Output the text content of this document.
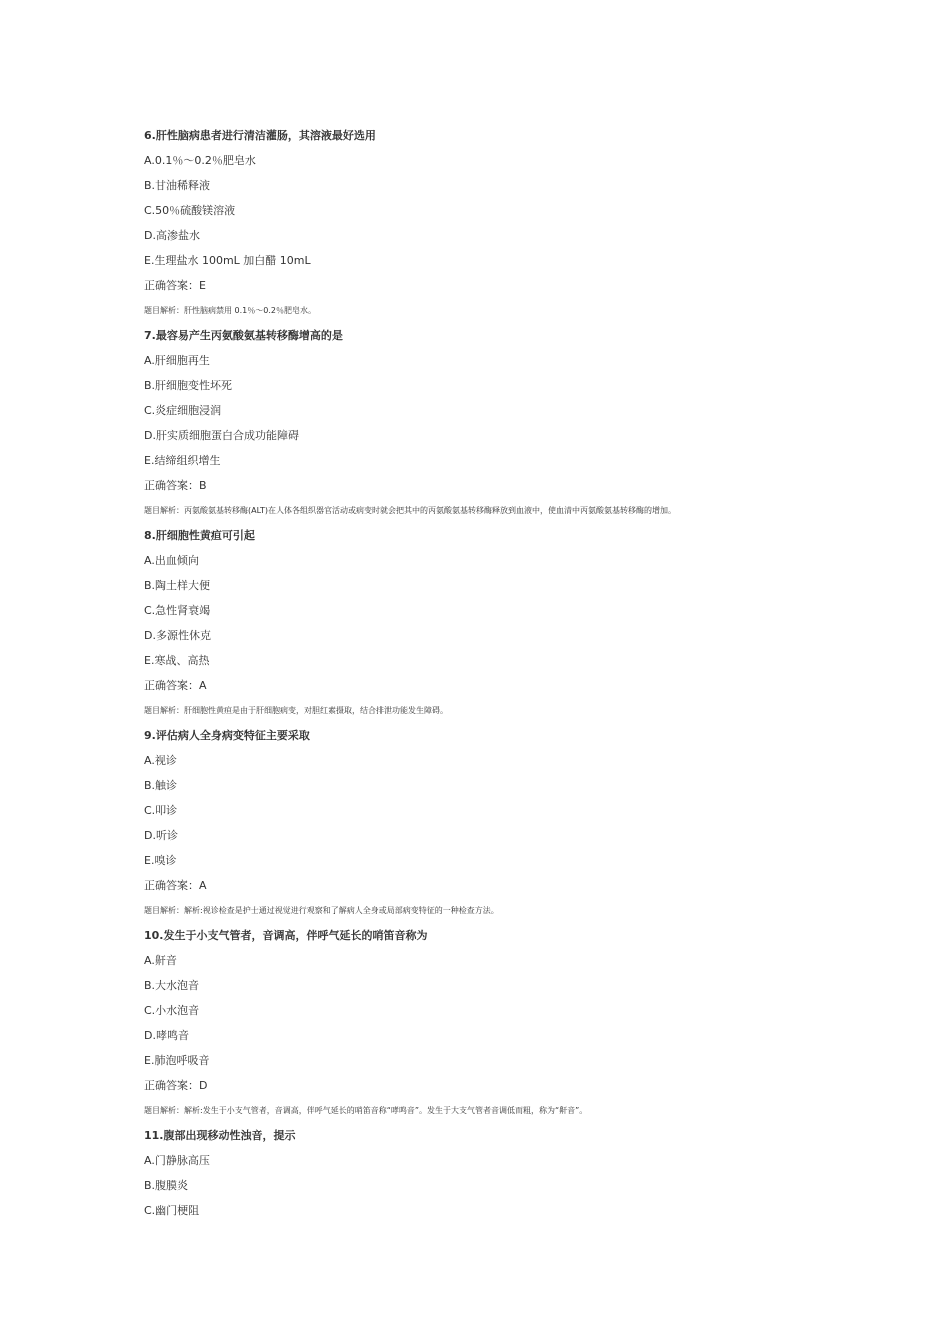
6.肝性脑病患者进行清洁灌肠，其溶液最好选用
A.0.1％～0.2％肥皂水
B.甘油稀释液
C.50％硫酸镁溶液
D.高渗盐水
E.生理盐水 100mL 加白醋 10mL
正确答案：E
题目解析：肝性脑病禁用 0.1％～0.2％肥皂水。
7.最容易产生丙氨酸氨基转移酶增高的是
A.肝细胞再生
B.肝细胞变性坏死
C.炎症细胞浸润
D.肝实质细胞蛋白合成功能障碍
E.结缔组织增生
正确答案：B
题目解析：丙氨酸氨基转移酶(ALT)在人体各组织器官活动或病变时就会把其中的丙氨酸氨基转移酶释放到血液中，使血清中丙氨酸氨基转移酶的增加。
8.肝细胞性黄疸可引起
A.出血倾向
B.陶土样大便
C.急性肾衰竭
D.多源性休克
E.寒战、高热
正确答案：A
题目解析：肝细胞性黄疸是由于肝细胞病变，对胆红素摄取，结合排泄功能发生障碍。
9.评估病人全身病变特征主要采取
A.视诊
B.触诊
C.叩诊
D.听诊
E.嗅诊
正确答案：A
题目解析：解析:视诊检查是护士通过视觉进行观察和了解病人全身或局部病变特征的一种检查方法。
10.发生于小支气管者，音调高，伴呼气延长的哨笛音称为
A.鼾音
B.大水泡音
C.小水泡音
D.哮鸣音
E.肺泡呼吸音
正确答案：D
题目解析：解析:发生于小支气管者，音调高，伴呼气延长的哨笛音称“哮鸣音”。发生于大支气管者音调低而粗，称为“鼾音”。
11.腹部出现移动性浊音，提示
A.门静脉高压
B.腹膜炎
C.幽门梗阻
